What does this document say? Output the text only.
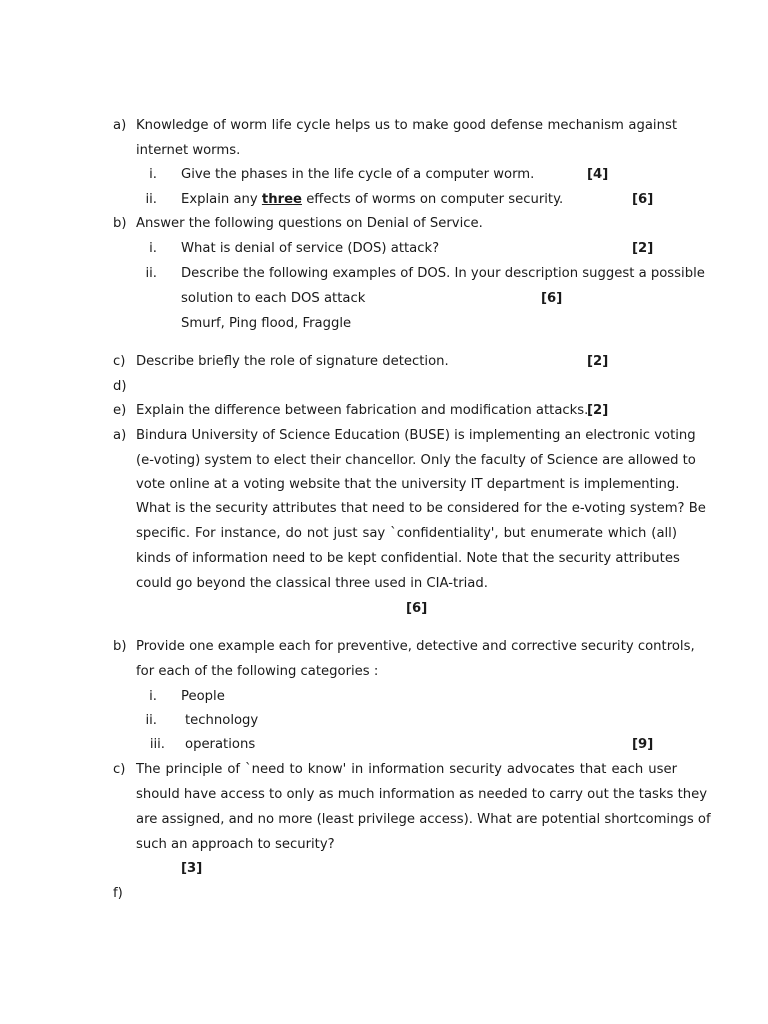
a) Knowledge of worm life cycle helps us to make good defense mechanism against
internet worms.
i. Give the phases in the life cycle of a computer worm.	[4]
ii. Explain any three effects of worms on computer security.	[6]
b) Answer the following questions on Denial of Service.
i. What is denial of service (DOS) attack?	[2]
ii. Describe the following examples of DOS. In your description suggest a possible
solution to each DOS attack	[6]
Smurf, Ping flood, Fraggle
c) Describe briefly the role of signature detection.	[2]
d)
e) Explain the difference between fabrication and modification attacks.
[2]
a) Bindura University of Science Education (BUSE) is implementing an electronic voting
(e-voting) system to elect their chancellor. Only the faculty of Science are allowed to
vote online at a voting website that the university IT department is implementing.
What is the security attributes that need to be considered for the e-voting system? Be
specific. For instance, do not just say `confidentiality', but enumerate which (all)
kinds of information need to be kept confidential. Note that the security attributes
could go beyond the classical three used in CIA-triad.
[6]
b) Provide one example each for preventive, detective and corrective security controls,
for each of the following categories :
i. People
ii. technology
iii. operations	[9]
c) The principle of `need to know' in information security advocates that each user
should have access to only as much information as needed to carry out the tasks they
are assigned, and no more (least privilege access). What are potential shortcomings of
such an approach to security?
[3]
f)
